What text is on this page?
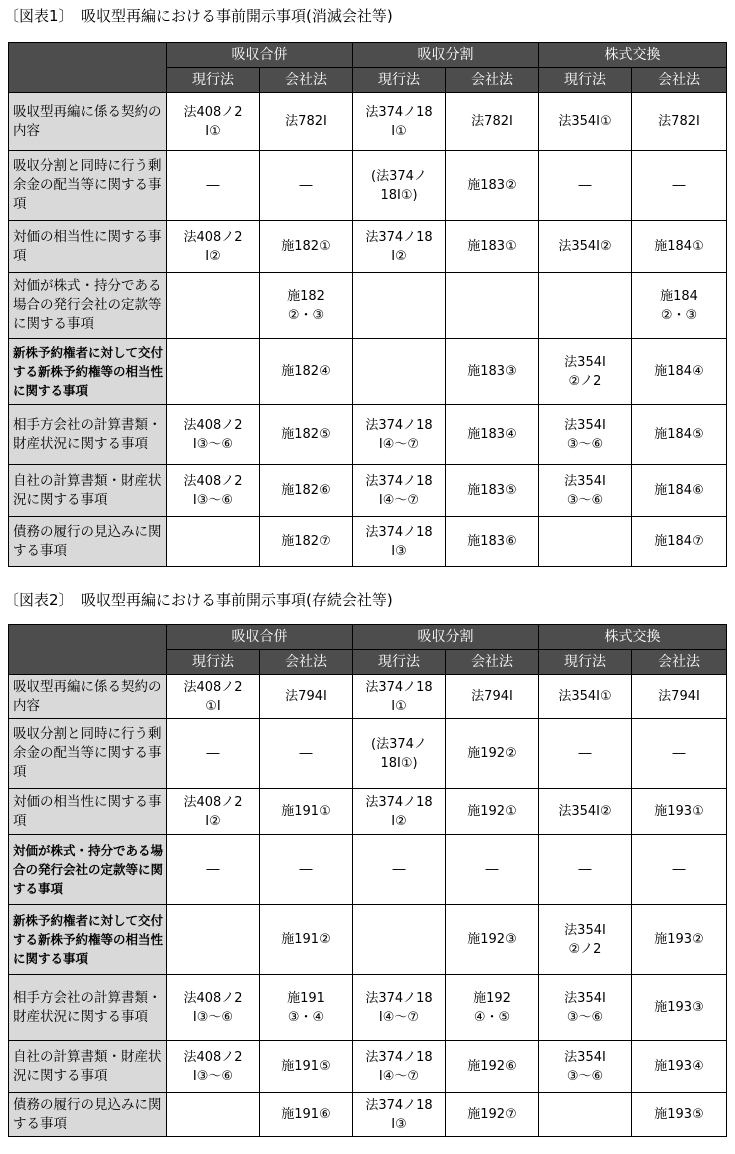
〔図表1〕　吸収型再編における事前開示事項(消滅会社等)
	吸収合併		吸収分割		株式交換	
	現行法	会社法	現行法	会社法	現行法	会社法
吸収型再編に係る契約の内容	法408ノ2
Ⅰ①	法782Ⅰ	法374ノ18
Ⅰ①	法782Ⅰ	法354Ⅰ①	法782Ⅰ
吸収分割と同時に行う剰余金の配当等に関する事項	―	―	(法374ノ
18Ⅰ①)	施183②	―	―
対価の相当性に関する事項	法408ノ2
Ⅰ②	施182①	法374ノ18
Ⅰ②	施183①	法354Ⅰ②	施184①
対価が株式・持分である場合の発行会社の定款等に関する事項		施182
②・③				施184
②・③
新株予約権者に対して交付する新株予約権等の相当性に関する事項		施182④		施183③	法354Ⅰ
②ノ2	施184④
相手方会社の計算書類・財産状況に関する事項	法408ノ2
Ⅰ③～⑥	施182⑤	法374ノ18
Ⅰ④～⑦	施183④	法354Ⅰ
③～⑥	施184⑤
自社の計算書類・財産状況に関する事項	法408ノ2
Ⅰ③～⑥	施182⑥	法374ノ18
Ⅰ④～⑦	施183⑤	法354Ⅰ
③～⑥	施184⑥
債務の履行の見込みに関する事項		施182⑦	法374ノ18
Ⅰ③	施183⑥		施184⑦
〔図表2〕　吸収型再編における事前開示事項(存続会社等)
	吸収合併		吸収分割		株式交換	
	現行法	会社法	現行法	会社法	現行法	会社法
吸収型再編に係る契約の内容	法408ノ2
①Ⅰ	法794Ⅰ	法374ノ18
Ⅰ①	法794Ⅰ	法354Ⅰ①	法794Ⅰ
吸収分割と同時に行う剰余金の配当等に関する事項	―	―	(法374ノ
18Ⅰ①)	施192②	―	―
対価の相当性に関する事項	法408ノ2
Ⅰ②	施191①	法374ノ18
Ⅰ②	施192①	法354Ⅰ②	施193①
対価が株式・持分である場合の発行会社の定款等に関する事項	―	―	―	―	―	―
新株予約権者に対して交付する新株予約権等の相当性に関する事項		施191②		施192③	法354Ⅰ
②ノ2	施193②
相手方会社の計算書類・財産状況に関する事項	法408ノ2
Ⅰ③～⑥	施191
③・④	法374ノ18
Ⅰ④～⑦	施192
④・⑤	法354Ⅰ
③～⑥	施193③
自社の計算書類・財産状況に関する事項	法408ノ2
Ⅰ③～⑥	施191⑤	法374ノ18
Ⅰ④～⑦	施192⑥	法354Ⅰ
③～⑥	施193④
債務の履行の見込みに関する事項		施191⑥	法374ノ18
Ⅰ③	施192⑦		施193⑤
